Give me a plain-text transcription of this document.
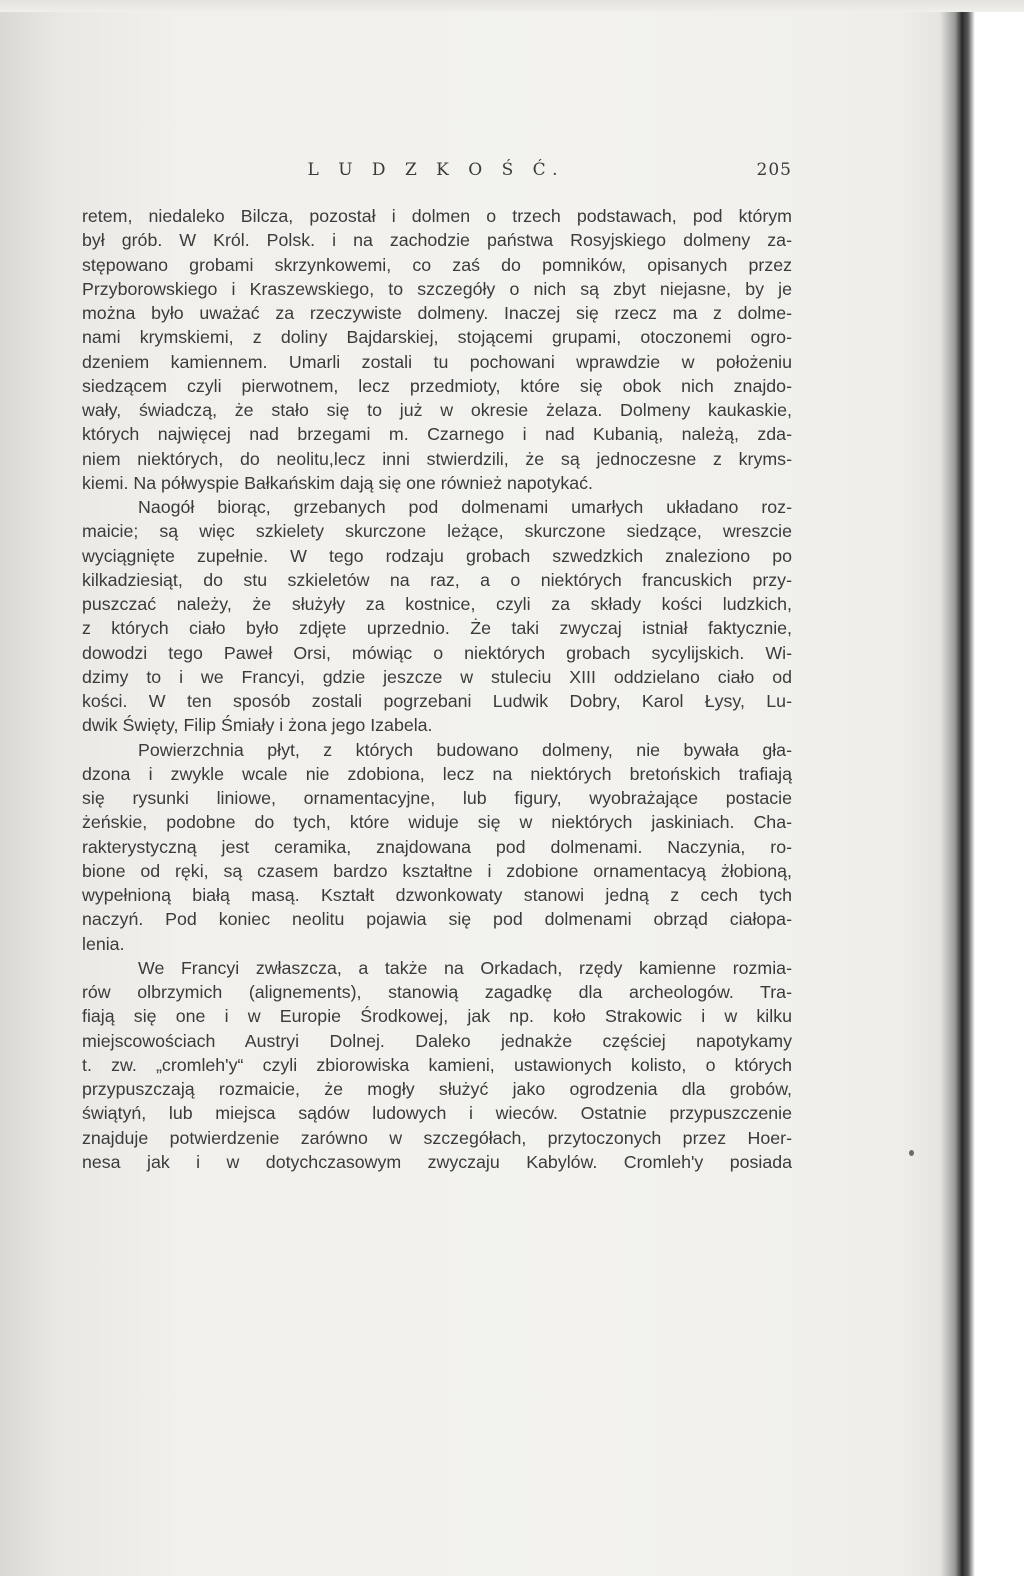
L U D Z K O Ś Ć.	205
retem, niedaleko Bilcza, pozostał i dolmen o trzech podstawach, pod którym
był grób. W Król. Polsk. i na zachodzie państwa Rosyjskiego dolmeny za-
stępowano grobami skrzynkowemi, co zaś do pomników, opisanych przez
Przyborowskiego i Kraszewskiego, to szczegóły o nich są zbyt niejasne, by je
można było uważać za rzeczywiste dolmeny. Inaczej się rzecz ma z dolme-
nami krymskiemi, z doliny Bajdarskiej, stojącemi grupami, otoczonemi ogro-
dzeniem kamiennem. Umarli zostali tu pochowani wprawdzie w położeniu
siedzącem czyli pierwotnem, lecz przedmioty, które się obok nich znajdo-
wały, świadczą, że stało się to już w okresie żelaza. Dolmeny kaukaskie,
których najwięcej nad brzegami m. Czarnego i nad Kubanią, należą, zda-
niem niektórych, do neolitu,lecz inni stwierdzili, że są jednoczesne z kryms-
kiemi. Na półwyspie Bałkańskim dają się one również napotykać.
Naogół biorąc, grzebanych pod dolmenami umarłych układano roz-
maicie; są więc szkielety skurczone leżące, skurczone siedzące, wreszcie
wyciągnięte zupełnie. W tego rodzaju grobach szwedzkich znaleziono po
kilkadziesiąt, do stu szkieletów na raz, a o niektórych francuskich przy-
puszczać należy, że służyły za kostnice, czyli za składy kości ludzkich,
z których ciało było zdjęte uprzednio. Że taki zwyczaj istniał faktycznie,
dowodzi tego Paweł Orsi, mówiąc o niektórych grobach sycylijskich. Wi-
dzimy to i we Francyi, gdzie jeszcze w stuleciu XIII oddzielano ciało od
kości. W ten sposób zostali pogrzebani Ludwik Dobry, Karol Łysy, Lu-
dwik Święty, Filip Śmiały i żona jego Izabela.
Powierzchnia płyt, z których budowano dolmeny, nie bywała gła-
dzona i zwykle wcale nie zdobiona, lecz na niektórych bretońskich trafiają
się rysunki liniowe, ornamentacyjne, lub figury, wyobrażające postacie
żeńskie, podobne do tych, które widuje się w niektórych jaskiniach. Cha-
rakterystyczną jest ceramika, znajdowana pod dolmenami. Naczynia, ro-
bione od ręki, są czasem bardzo kształtne i zdobione ornamentacyą żłobioną,
wypełnioną białą masą. Kształt dzwonkowaty stanowi jedną z cech tych
naczyń. Pod koniec neolitu pojawia się pod dolmenami obrząd ciałopa-
lenia.
We Francyi zwłaszcza, a także na Orkadach, rzędy kamienne rozmia-
rów olbrzymich (alignements), stanowią zagadkę dla archeologów. Tra-
fiają się one i w Europie Środkowej, jak np. koło Strakowic i w kilku
miejscowościach Austryi Dolnej. Daleko jednakże częściej napotykamy
t. zw. „cromleh'y“ czyli zbiorowiska kamieni, ustawionych kolisto, o których
przypuszczają rozmaicie, że mogły służyć jako ogrodzenia dla grobów,
świątyń, lub miejsca sądów ludowych i wieców. Ostatnie przypuszczenie
znajduje potwierdzenie zarówno w szczegółach, przytoczonych przez Hoer-
nesa jak i w dotychczasowym zwyczaju Kabylów. Cromleh'y posiada
